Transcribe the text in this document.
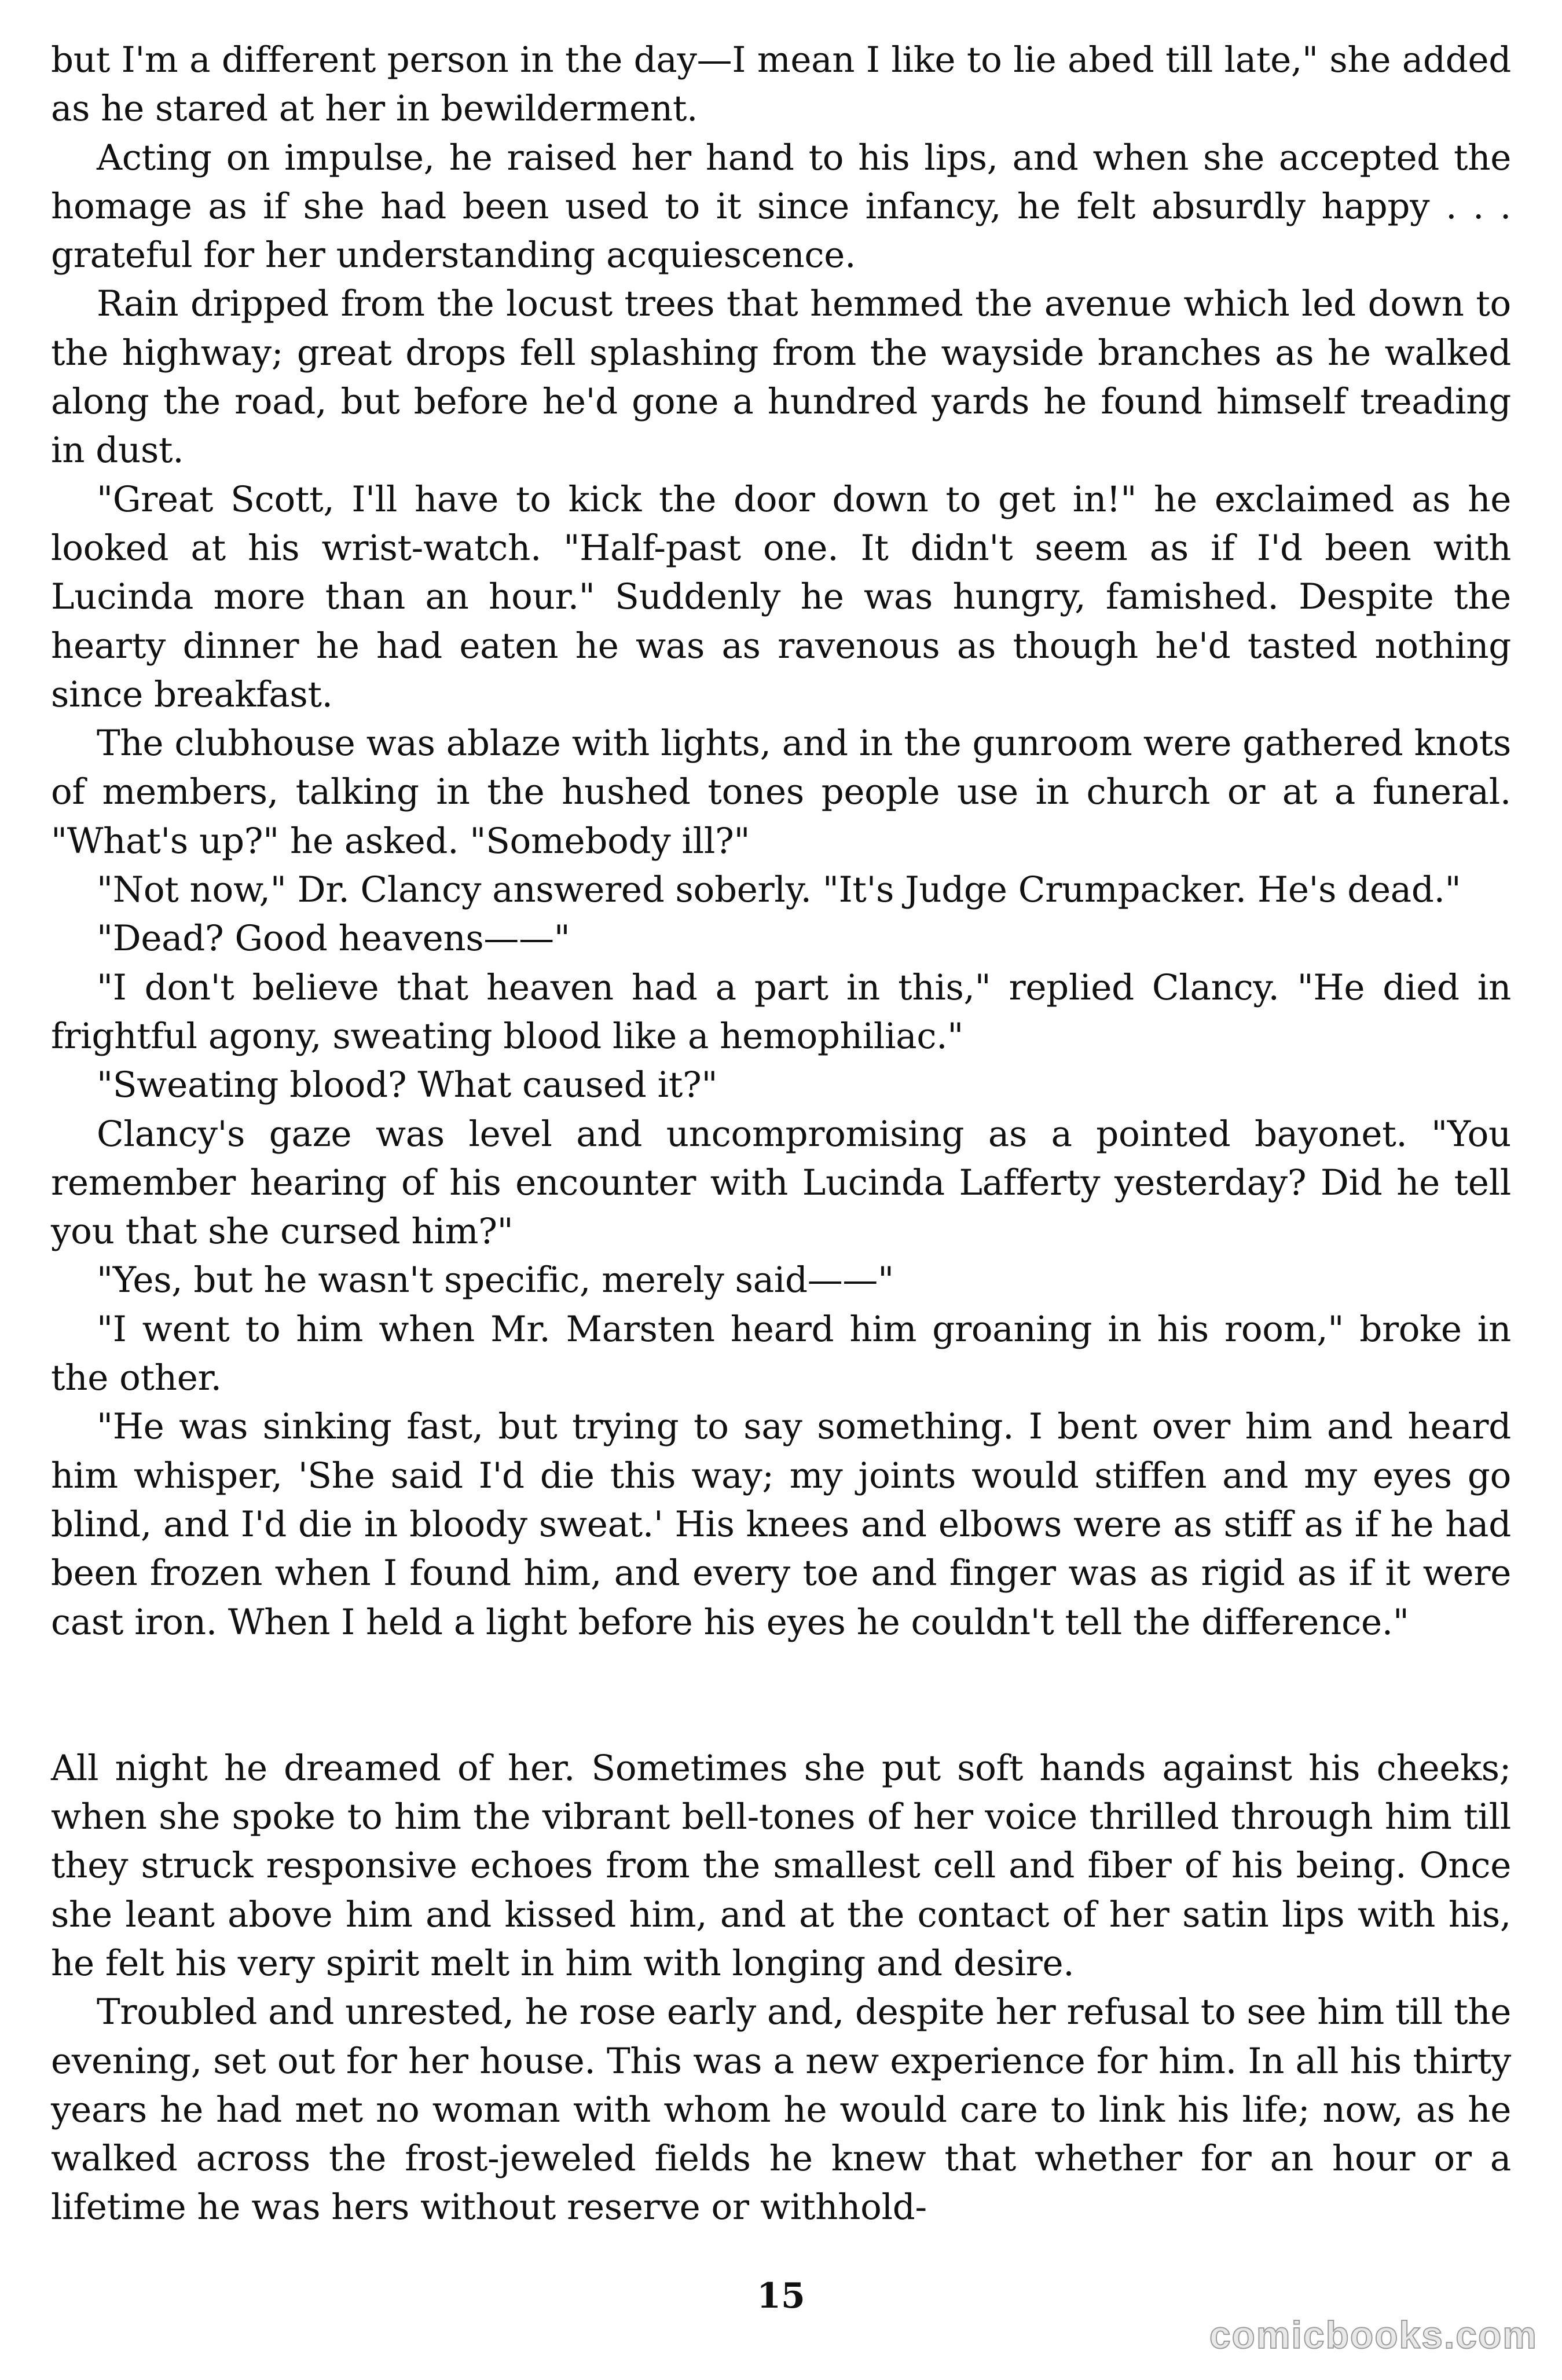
but I'm a different person in the day—I mean I like to lie abed till late," she added as he stared at her in bewilderment.

Acting on impulse, he raised her hand to his lips, and when she accepted the homage as if she had been used to it since infancy, he felt absurdly happy . . . grateful for her understanding acquiescence.

Rain dripped from the locust trees that hemmed the avenue which led down to the highway; great drops fell splashing from the wayside branches as he walked along the road, but before he'd gone a hundred yards he found himself treading in dust.

"Great Scott, I'll have to kick the door down to get in!" he exclaimed as he looked at his wrist-watch. "Half-past one. It didn't seem as if I'd been with Lucinda more than an hour." Suddenly he was hungry, famished. Despite the hearty dinner he had eaten he was as ravenous as though he'd tasted nothing since breakfast.

The clubhouse was ablaze with lights, and in the gunroom were gathered knots of members, talking in the hushed tones people use in church or at a funeral. "What's up?" he asked. "Somebody ill?"

"Not now," Dr. Clancy answered soberly. "It's Judge Crumpacker. He's dead."

"Dead? Good heavens——"

"I don't believe that heaven had a part in this," replied Clancy. "He died in frightful agony, sweating blood like a hemophiliac."

"Sweating blood? What caused it?"

Clancy's gaze was level and uncompromising as a pointed bayonet. "You remember hearing of his encounter with Lucinda Lafferty yesterday? Did he tell you that she cursed him?"

"Yes, but he wasn't specific, merely said——"

"I went to him when Mr. Marsten heard him groaning in his room," broke in the other.

"He was sinking fast, but trying to say something. I bent over him and heard him whisper, 'She said I'd die this way; my joints would stiffen and my eyes go blind, and I'd die in bloody sweat.' His knees and elbows were as stiff as if he had been frozen when I found him, and every toe and finger was as rigid as if it were cast iron. When I held a light before his eyes he couldn't tell the difference."

All night he dreamed of her. Sometimes she put soft hands against his cheeks; when she spoke to him the vibrant bell-tones of her voice thrilled through him till they struck responsive echoes from the smallest cell and fiber of his being. Once she leant above him and kissed him, and at the contact of her satin lips with his, he felt his very spirit melt in him with longing and desire.

Troubled and unrested, he rose early and, despite her refusal to see him till the evening, set out for her house. This was a new experience for him. In all his thirty years he had met no woman with whom he would care to link his life; now, as he walked across the frost-jeweled fields he knew that whether for an hour or a lifetime he was hers without reserve or withhold-

15
comicbooks.com
